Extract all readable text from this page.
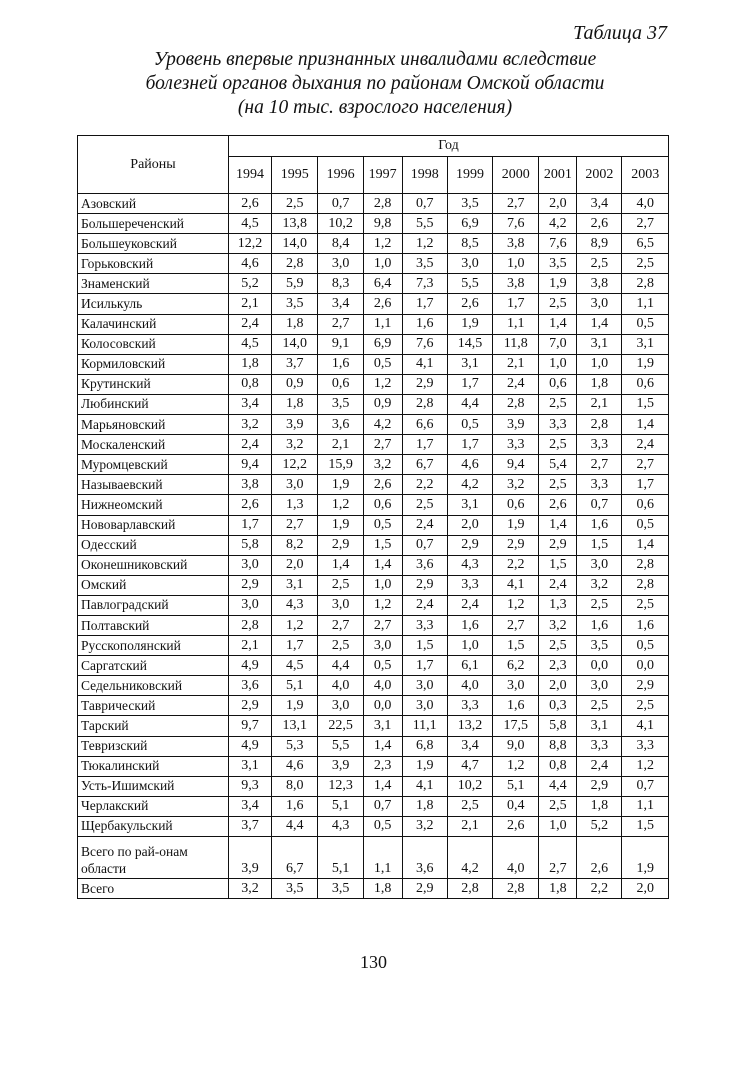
Таблица 37
Уровень впервые признанных инвалидами вследствие
болезней органов дыхания по районам Омской области
(на 10 тыс. взрослого населения)
Районы	Год									
	1994	1995	1996	1997	1998	1999	2000	2001	2002	2003
Азовский	2,6	2,5	0,7	2,8	0,7	3,5	2,7	2,0	3,4	4,0
Большереченский	4,5	13,8	10,2	9,8	5,5	6,9	7,6	4,2	2,6	2,7
Большеуковский	12,2	14,0	8,4	1,2	1,2	8,5	3,8	7,6	8,9	6,5
Горьковский	4,6	2,8	3,0	1,0	3,5	3,0	1,0	3,5	2,5	2,5
Знаменский	5,2	5,9	8,3	6,4	7,3	5,5	3,8	1,9	3,8	2,8
Исилькуль	2,1	3,5	3,4	2,6	1,7	2,6	1,7	2,5	3,0	1,1
Калачинский	2,4	1,8	2,7	1,1	1,6	1,9	1,1	1,4	1,4	0,5
Колосовский	4,5	14,0	9,1	6,9	7,6	14,5	11,8	7,0	3,1	3,1
Кормиловский	1,8	3,7	1,6	0,5	4,1	3,1	2,1	1,0	1,0	1,9
Крутинский	0,8	0,9	0,6	1,2	2,9	1,7	2,4	0,6	1,8	0,6
Любинский	3,4	1,8	3,5	0,9	2,8	4,4	2,8	2,5	2,1	1,5
Марьяновский	3,2	3,9	3,6	4,2	6,6	0,5	3,9	3,3	2,8	1,4
Москаленский	2,4	3,2	2,1	2,7	1,7	1,7	3,3	2,5	3,3	2,4
Муромцевский	9,4	12,2	15,9	3,2	6,7	4,6	9,4	5,4	2,7	2,7
Называевский	3,8	3,0	1,9	2,6	2,2	4,2	3,2	2,5	3,3	1,7
Нижнеомский	2,6	1,3	1,2	0,6	2,5	3,1	0,6	2,6	0,7	0,6
Нововарлавский	1,7	2,7	1,9	0,5	2,4	2,0	1,9	1,4	1,6	0,5
Одесский	5,8	8,2	2,9	1,5	0,7	2,9	2,9	2,9	1,5	1,4
Оконешниковский	3,0	2,0	1,4	1,4	3,6	4,3	2,2	1,5	3,0	2,8
Омский	2,9	3,1	2,5	1,0	2,9	3,3	4,1	2,4	3,2	2,8
Павлоградский	3,0	4,3	3,0	1,2	2,4	2,4	1,2	1,3	2,5	2,5
Полтавский	2,8	1,2	2,7	2,7	3,3	1,6	2,7	3,2	1,6	1,6
Русскополянский	2,1	1,7	2,5	3,0	1,5	1,0	1,5	2,5	3,5	0,5
Саргатский	4,9	4,5	4,4	0,5	1,7	6,1	6,2	2,3	0,0	0,0
Седельниковский	3,6	5,1	4,0	4,0	3,0	4,0	3,0	2,0	3,0	2,9
Таврический	2,9	1,9	3,0	0,0	3,0	3,3	1,6	0,3	2,5	2,5
Тарский	9,7	13,1	22,5	3,1	11,1	13,2	17,5	5,8	3,1	4,1
Тевризский	4,9	5,3	5,5	1,4	6,8	3,4	9,0	8,8	3,3	3,3
Тюкалинский	3,1	4,6	3,9	2,3	1,9	4,7	1,2	0,8	2,4	1,2
Усть-Ишимский	9,3	8,0	12,3	1,4	4,1	10,2	5,1	4,4	2,9	0,7
Черлакский	3,4	1,6	5,1	0,7	1,8	2,5	0,4	2,5	1,8	1,1
Щербакульский	3,7	4,4	4,3	0,5	3,2	2,1	2,6	1,0	5,2	1,5
Всего по рай-онам области	3,9	6,7	5,1	1,1	3,6	4,2	4,0	2,7	2,6	1,9
Всего	3,2	3,5	3,5	1,8	2,9	2,8	2,8	1,8	2,2	2,0
130
